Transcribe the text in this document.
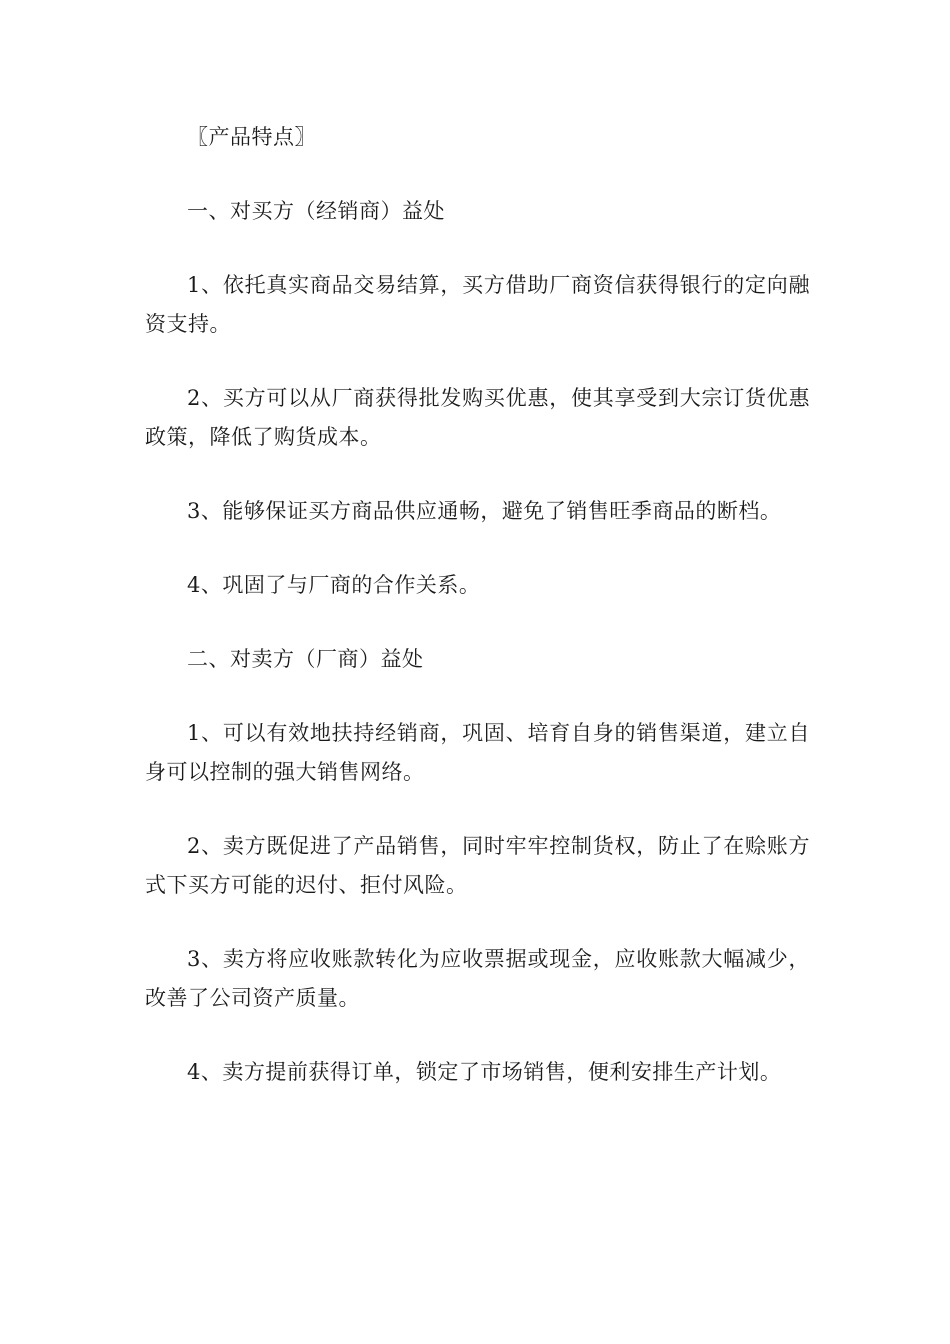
〖产品特点〗

一、对买方（经销商）益处

1、依托真实商品交易结算，买方借助厂商资信获得银行的定向融资支持。

2、买方可以从厂商获得批发购买优惠，使其享受到大宗订货优惠政策，降低了购货成本。

3、能够保证买方商品供应通畅，避免了销售旺季商品的断档。

4、巩固了与厂商的合作关系。

二、对卖方（厂商）益处

1、可以有效地扶持经销商，巩固、培育自身的销售渠道，建立自身可以控制的强大销售网络。

2、卖方既促进了产品销售，同时牢牢控制货权，防止了在赊账方式下买方可能的迟付、拒付风险。

3、卖方将应收账款转化为应收票据或现金，应收账款大幅减少，改善了公司资产质量。

4、卖方提前获得订单，锁定了市场销售，便利安排生产计划。
